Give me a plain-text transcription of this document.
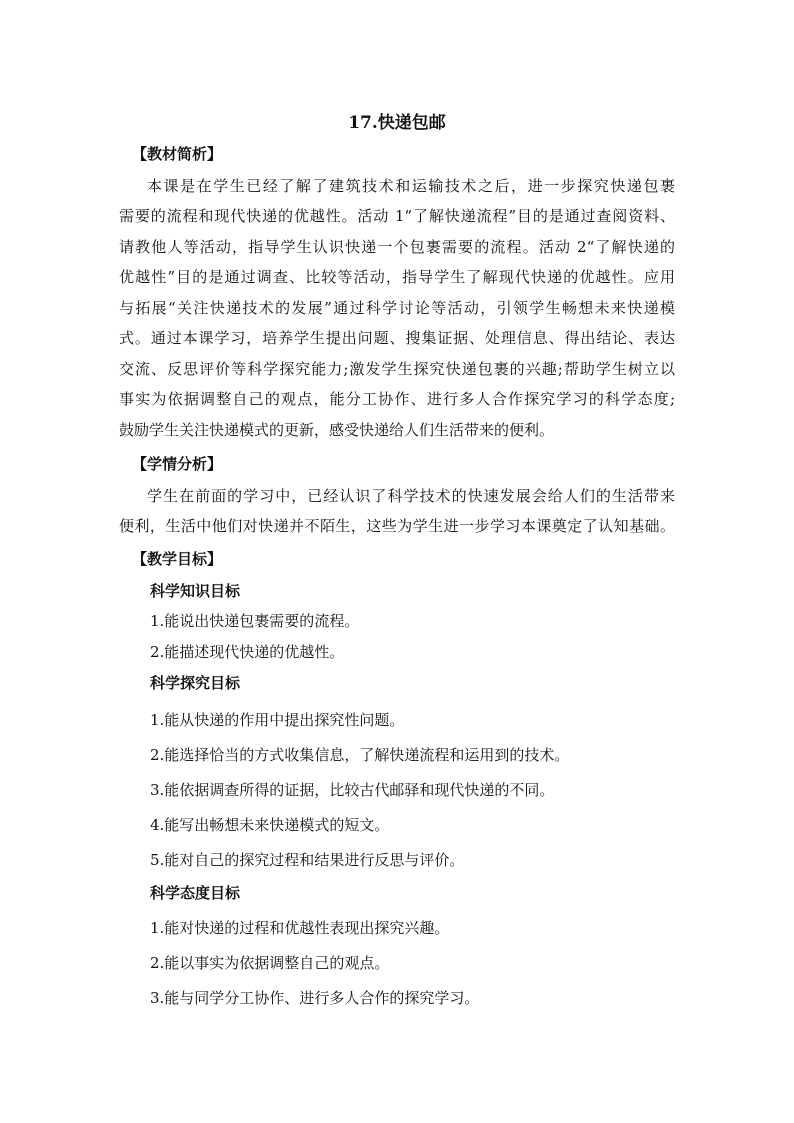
17.快递包邮
【教材简析】
本课是在学生已经了解了建筑技术和运输技术之后，进一步探究快递包裹
需要的流程和现代快递的优越性。活动 1“了解快递流程”目的是通过查阅资料、
请教他人等活动，指导学生认识快递一个包裹需要的流程。活动 2“了解快递的
优越性”目的是通过调查、比较等活动，指导学生了解现代快递的优越性。应用
与拓展“关注快递技术的发展”通过科学讨论等活动，引领学生畅想未来快递模
式。通过本课学习，培养学生提出问题、搜集证据、处理信息、得出结论、表达
交流、反思评价等科学探究能力;激发学生探究快递包裹的兴趣;帮助学生树立以
事实为依据调整自己的观点，能分工协作、进行多人合作探究学习的科学态度;
鼓励学生关注快递模式的更新，感受快递给人们生活带来的便利。
【学情分析】
学生在前面的学习中，已经认识了科学技术的快速发展会给人们的生活带来
便利，生活中他们对快递并不陌生，这些为学生进一步学习本课奠定了认知基础。
【教学目标】
科学知识目标
1.能说出快递包裹需要的流程。
2.能描述现代快递的优越性。
科学探究目标
1.能从快递的作用中提出探究性问题。
2.能选择恰当的方式收集信息，了解快递流程和运用到的技术。
3.能依据调查所得的证据，比较古代邮驿和现代快递的不同。
4.能写出畅想未来快递模式的短文。
5.能对自己的探究过程和结果进行反思与评价。
科学态度目标
1.能对快递的过程和优越性表现出探究兴趣。
2.能以事实为依据调整自己的观点。
3.能与同学分工协作、进行多人合作的探究学习。
